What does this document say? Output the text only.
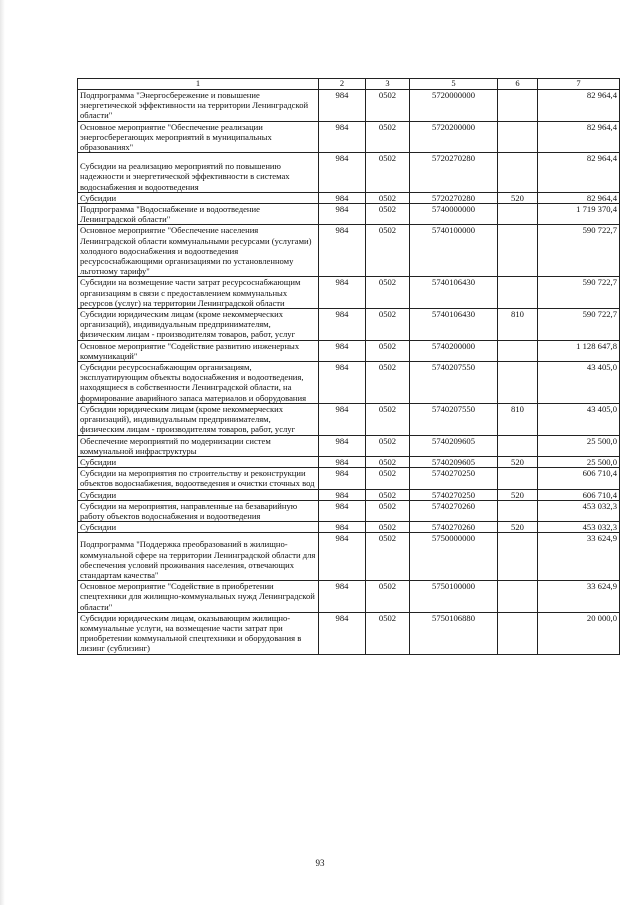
1	2	3	5	6	7
Подпрограмма "Энергосбережение и повышение энергетической эффективности на территории Ленинградской области"	984	0502	5720000000		82 964,4
Основное мероприятие "Обеспечение реализации энергосберегающих мероприятий в муниципальных образованиях"	984	0502	5720200000		82 964,4
Субсидии на реализацию мероприятий по повышению надежности и энергетической эффективности в системах водоснабжения и водоотведения	984	0502	5720270280		82 964,4
Субсидии	984	0502	5720270280	520	82 964,4
Подпрограмма "Водоснабжение и водоотведение Ленинградской области"	984	0502	5740000000		1 719 370,4
Основное мероприятие "Обеспечение населения Ленинградской области коммунальными ресурсами (услугами) холодного водоснабжения и водоотведения ресурсоснабжающими организациями по установленному льготному тарифу"	984	0502	5740100000		590 722,7
Субсидии на возмещение части затрат ресурсоснабжающим организациям в связи с предоставлением коммунальных ресурсов (услуг) на территории Ленинградской области	984	0502	5740106430		590 722,7
Субсидии юридическим лицам (кроме некоммерческих организаций), индивидуальным предпринимателям, физическим лицам - производителям товаров, работ, услуг	984	0502	5740106430	810	590 722,7
Основное мероприятие "Содействие развитию инженерных коммуникаций"	984	0502	5740200000		1 128 647,8
Субсидии ресурсоснабжающим организациям, эксплуатирующим объекты водоснабжения и водоотведения, находящиеся в собственности Ленинградской области, на формирование аварийного запаса материалов и оборудования	984	0502	5740207550		43 405,0
Субсидии юридическим лицам (кроме некоммерческих организаций), индивидуальным предпринимателям, физическим лицам - производителям товаров, работ, услуг	984	0502	5740207550	810	43 405,0
Обеспечение мероприятий по модернизации систем коммунальной инфраструктуры	984	0502	5740209605		25 500,0
Субсидии	984	0502	5740209605	520	25 500,0
Субсидии на мероприятия по строительству и реконструкции объектов водоснабжения, водоотведения и очистки сточных вод	984	0502	5740270250		606 710,4
Субсидии	984	0502	5740270250	520	606 710,4
Субсидии на мероприятия, направленные на безаварийную работу объектов водоснабжения и водоотведения	984	0502	5740270260		453 032,3
Субсидии	984	0502	5740270260	520	453 032,3
Подпрограмма "Поддержка преобразований в жилищно-коммунальной сфере на территории Ленинградской области для обеспечения условий проживания населения, отвечающих стандартам качества"	984	0502	5750000000		33 624,9
Основное мероприятие "Содействие в приобретении спецтехники для жилищно-коммунальных нужд Ленинградской области"	984	0502	5750100000		33 624,9
Субсидии юридическим лицам, оказывающим жилищно-коммунальные услуги, на возмещение части затрат при приобретении коммунальной спецтехники и оборудования в лизинг (сублизинг)	984	0502	5750106880		20 000,0
93
